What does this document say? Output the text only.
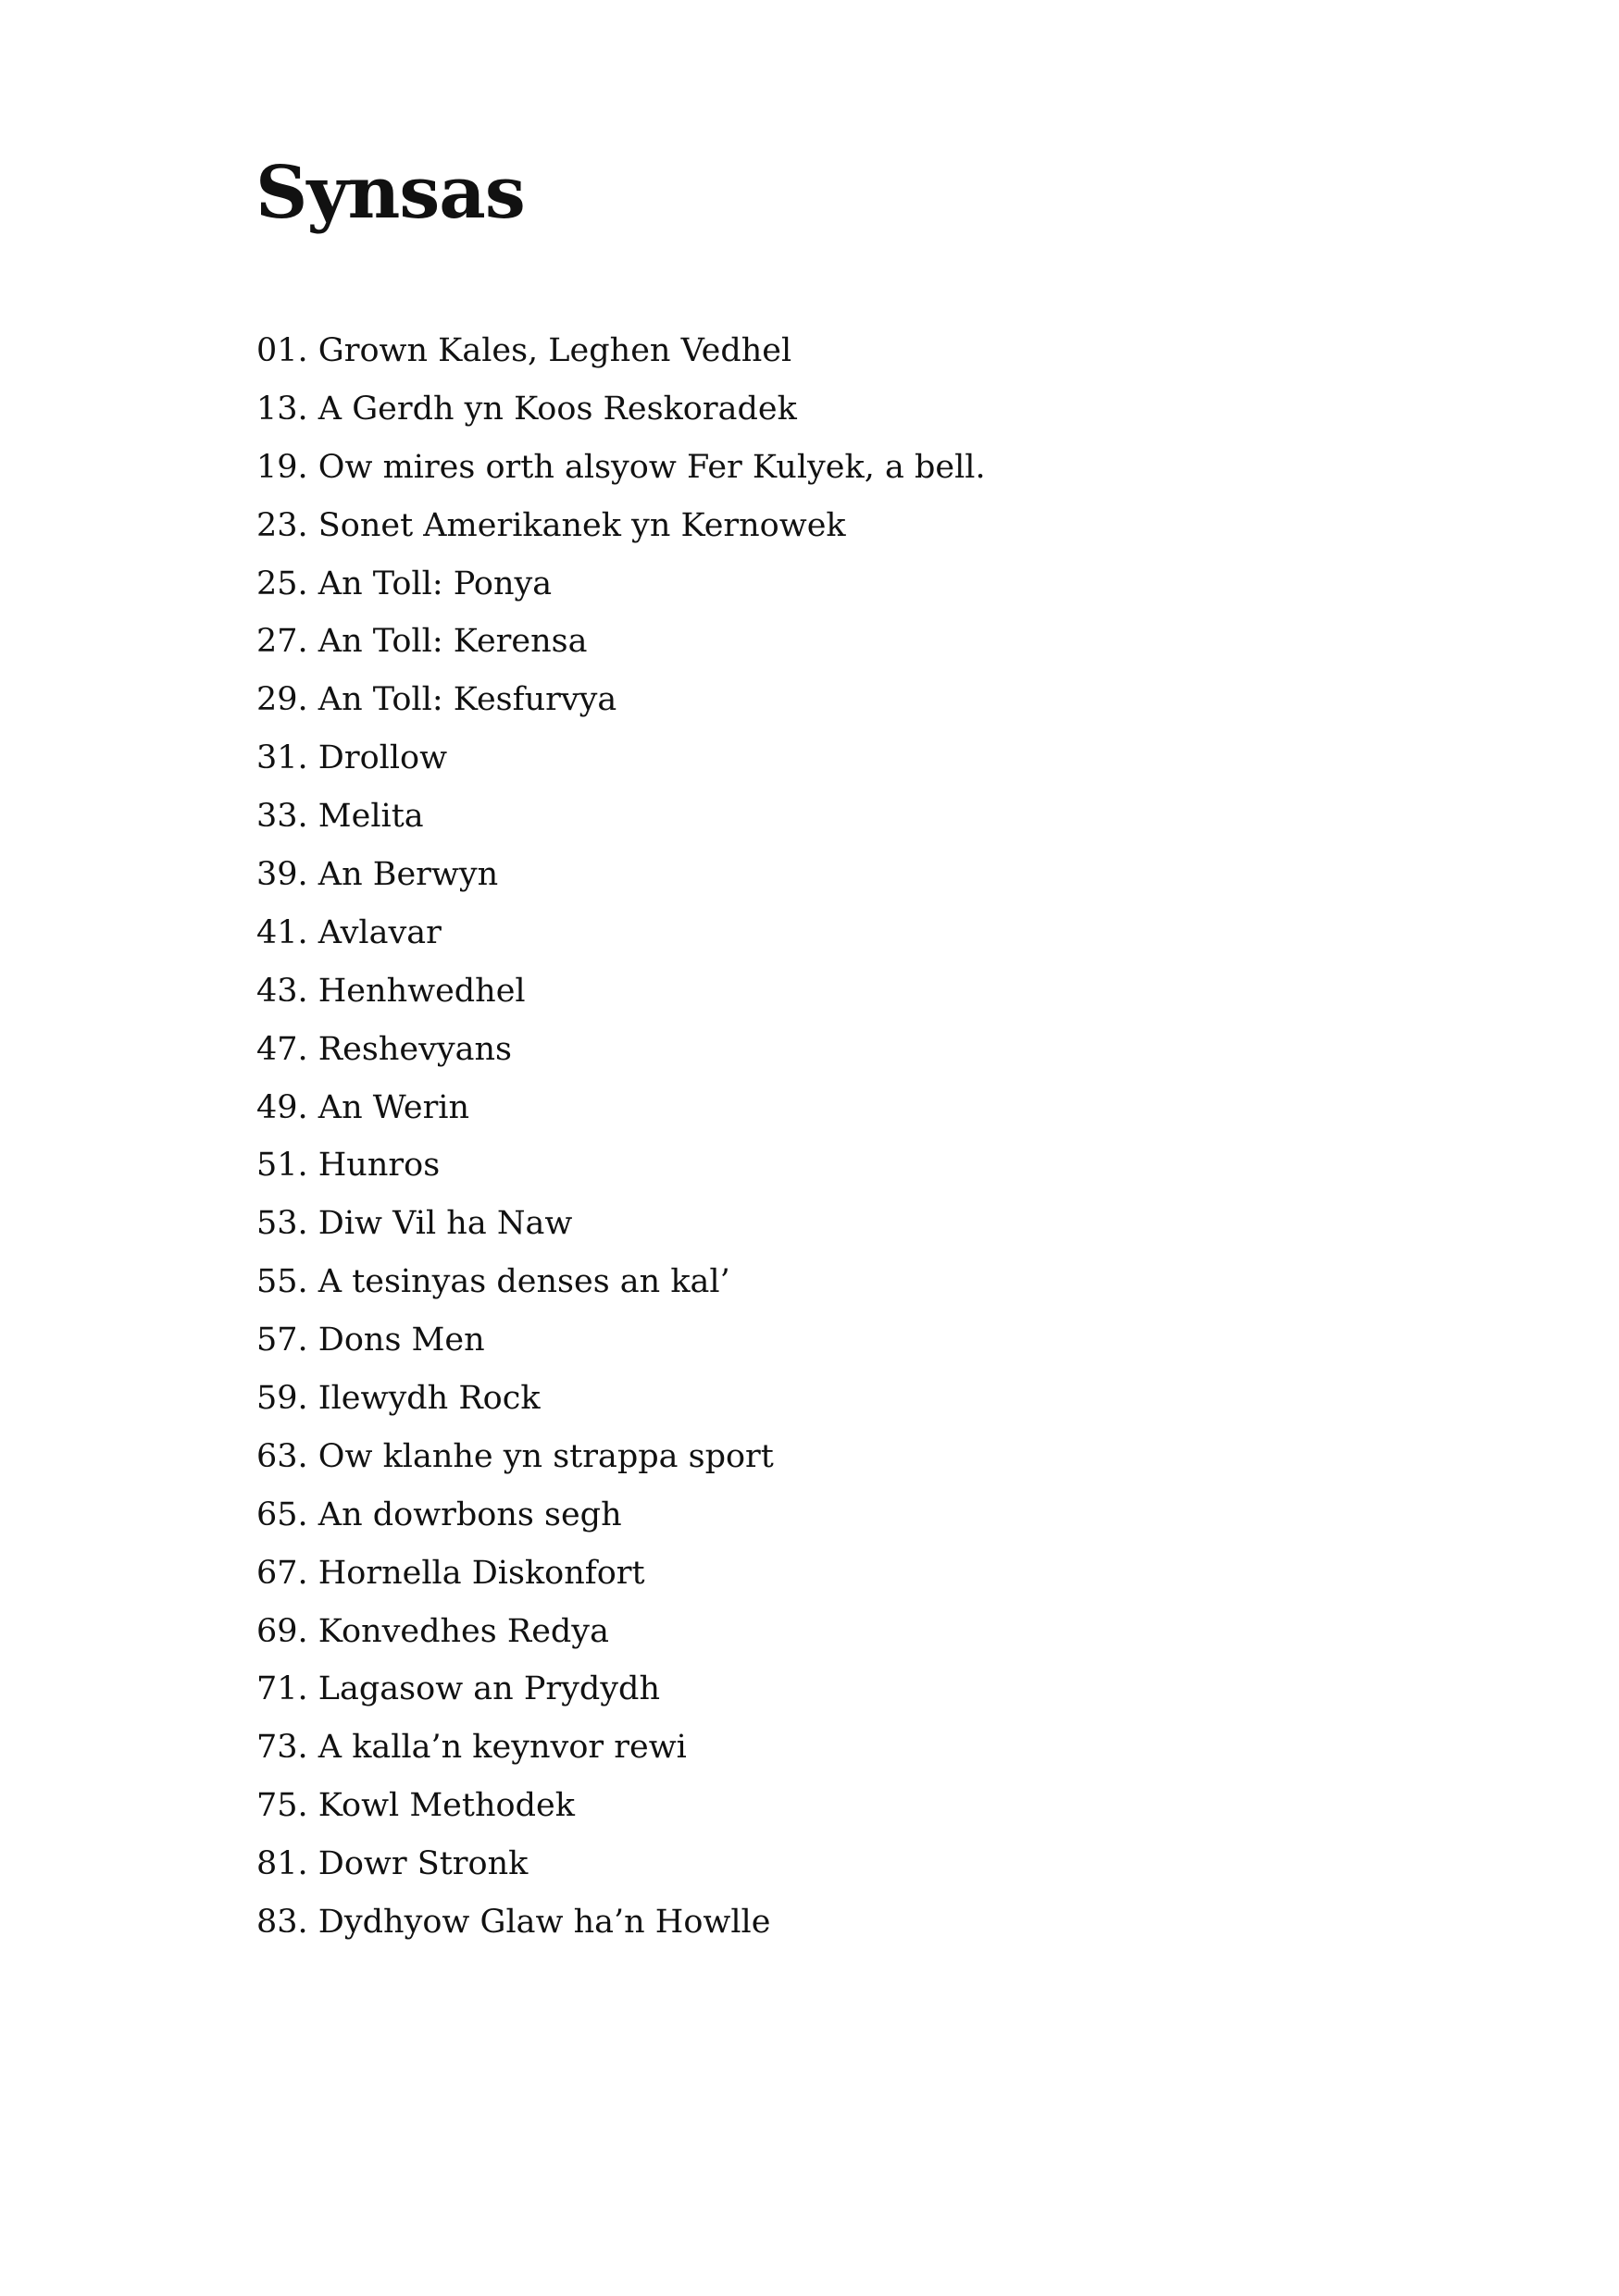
Synsas
01. Grown Kales, Leghen Vedhel
13. A Gerdh yn Koos Reskoradek
19. Ow mires orth alsyow Fer Kulyek, a bell.
23. Sonet Amerikanek yn Kernowek
25. An Toll: Ponya
27. An Toll: Kerensa
29. An Toll: Kesfurvya
31. Drollow
33. Melita
39. An Berwyn
41. Avlavar
43. Henhwedhel
47. Reshevyans
49. An Werin
51. Hunros
53. Diw Vil ha Naw
55. A tesinyas denses an kal’
57. Dons Men
59. Ilewydh Rock
63. Ow klanhe yn strappa sport
65. An dowrbons segh
67. Hornella Diskonfort
69. Konvedhes Redya
71. Lagasow an Prydydh
73. A kalla’n keynvor rewi
75. Kowl Methodek
81. Dowr Stronk
83. Dydhyow Glaw ha’n Howlle
